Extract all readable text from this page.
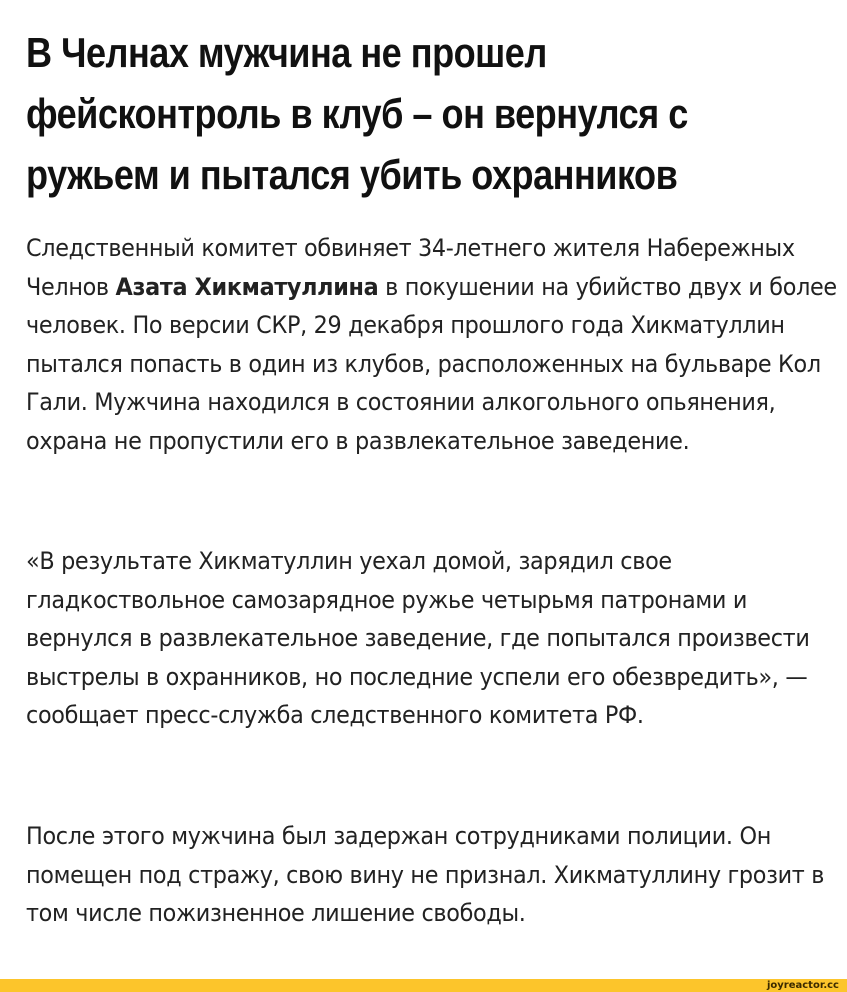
В Челнах мужчина не прошел фейсконтроль в клуб – он вернулся с ружьем и пытался убить охранников

Следственный комитет обвиняет 34-летнего жителя Набережных Челнов Азата Хикматуллина в покушении на убийство двух и более человек. По версии СКР, 29 декабря прошлого года Хикматуллин пытался попасть в один из клубов, расположенных на бульваре Кол Гали. Мужчина находился в состоянии алкогольного опьянения, охрана не пропустили его в развлекательное заведение.

«В результате Хикматуллин уехал домой, зарядил свое гладкоствольное самозарядное ружье четырьмя патронами и вернулся в развлекательное заведение, где попытался произвести выстрелы в охранников, но последние успели его обезвредить», — сообщает пресс-служба следственного комитета РФ.

После этого мужчина был задержан сотрудниками полиции. Он помещен под стражу, свою вину не признал. Хикматуллину грозит в том числе пожизненное лишение свободы.

joyreactor.cc
